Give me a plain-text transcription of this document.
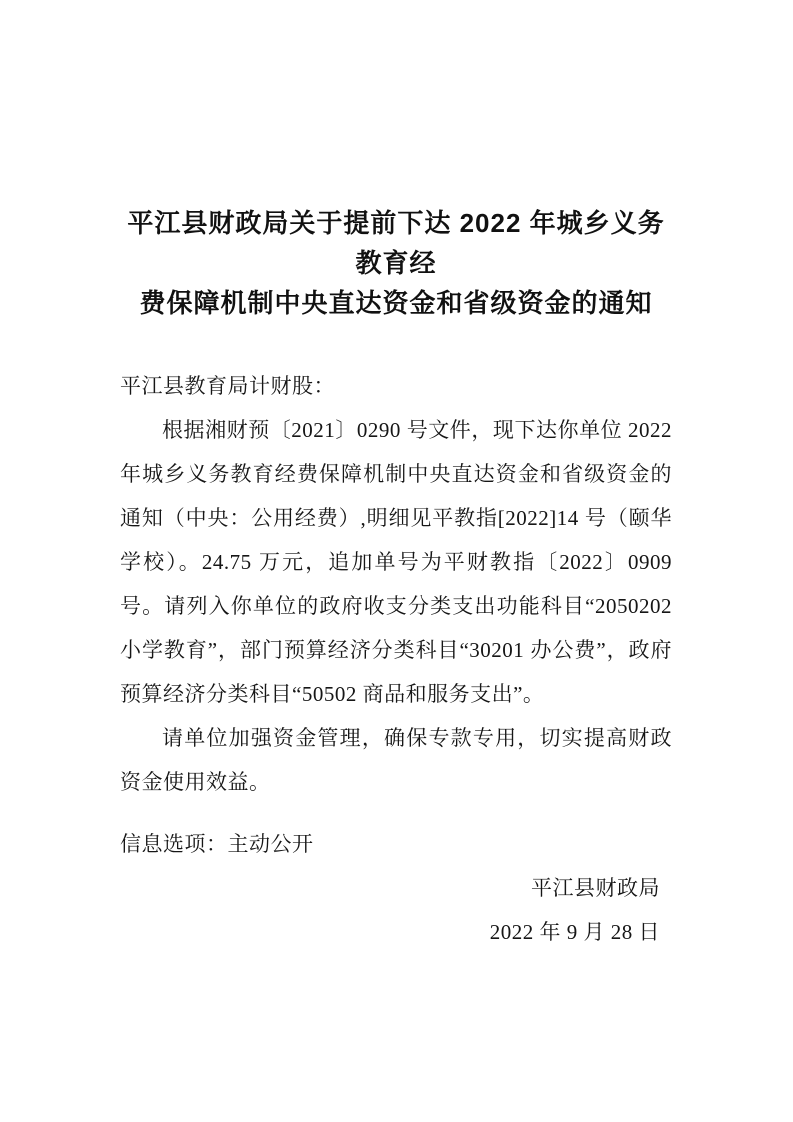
平江县财政局关于提前下达 2022 年城乡义务教育经
费保障机制中央直达资金和省级资金的通知
平江县教育局计财股：

根据湘财预〔2021〕0290 号文件，现下达你单位 2022 年城乡义务教育经费保障机制中央直达资金和省级资金的通知（中央：公用经费）,明细见平教指[2022]14 号（颐华学校）。24.75 万元，追加单号为平财教指〔2022〕0909 号。请列入你单位的政府收支分类支出功能科目“2050202 小学教育”，部门预算经济分类科目“30201 办公费”，政府预算经济分类科目“50502 商品和服务支出”。

请单位加强资金管理，确保专款专用，切实提高财政资金使用效益。

信息选项：主动公开
平江县财政局
2022 年 9 月 28 日
